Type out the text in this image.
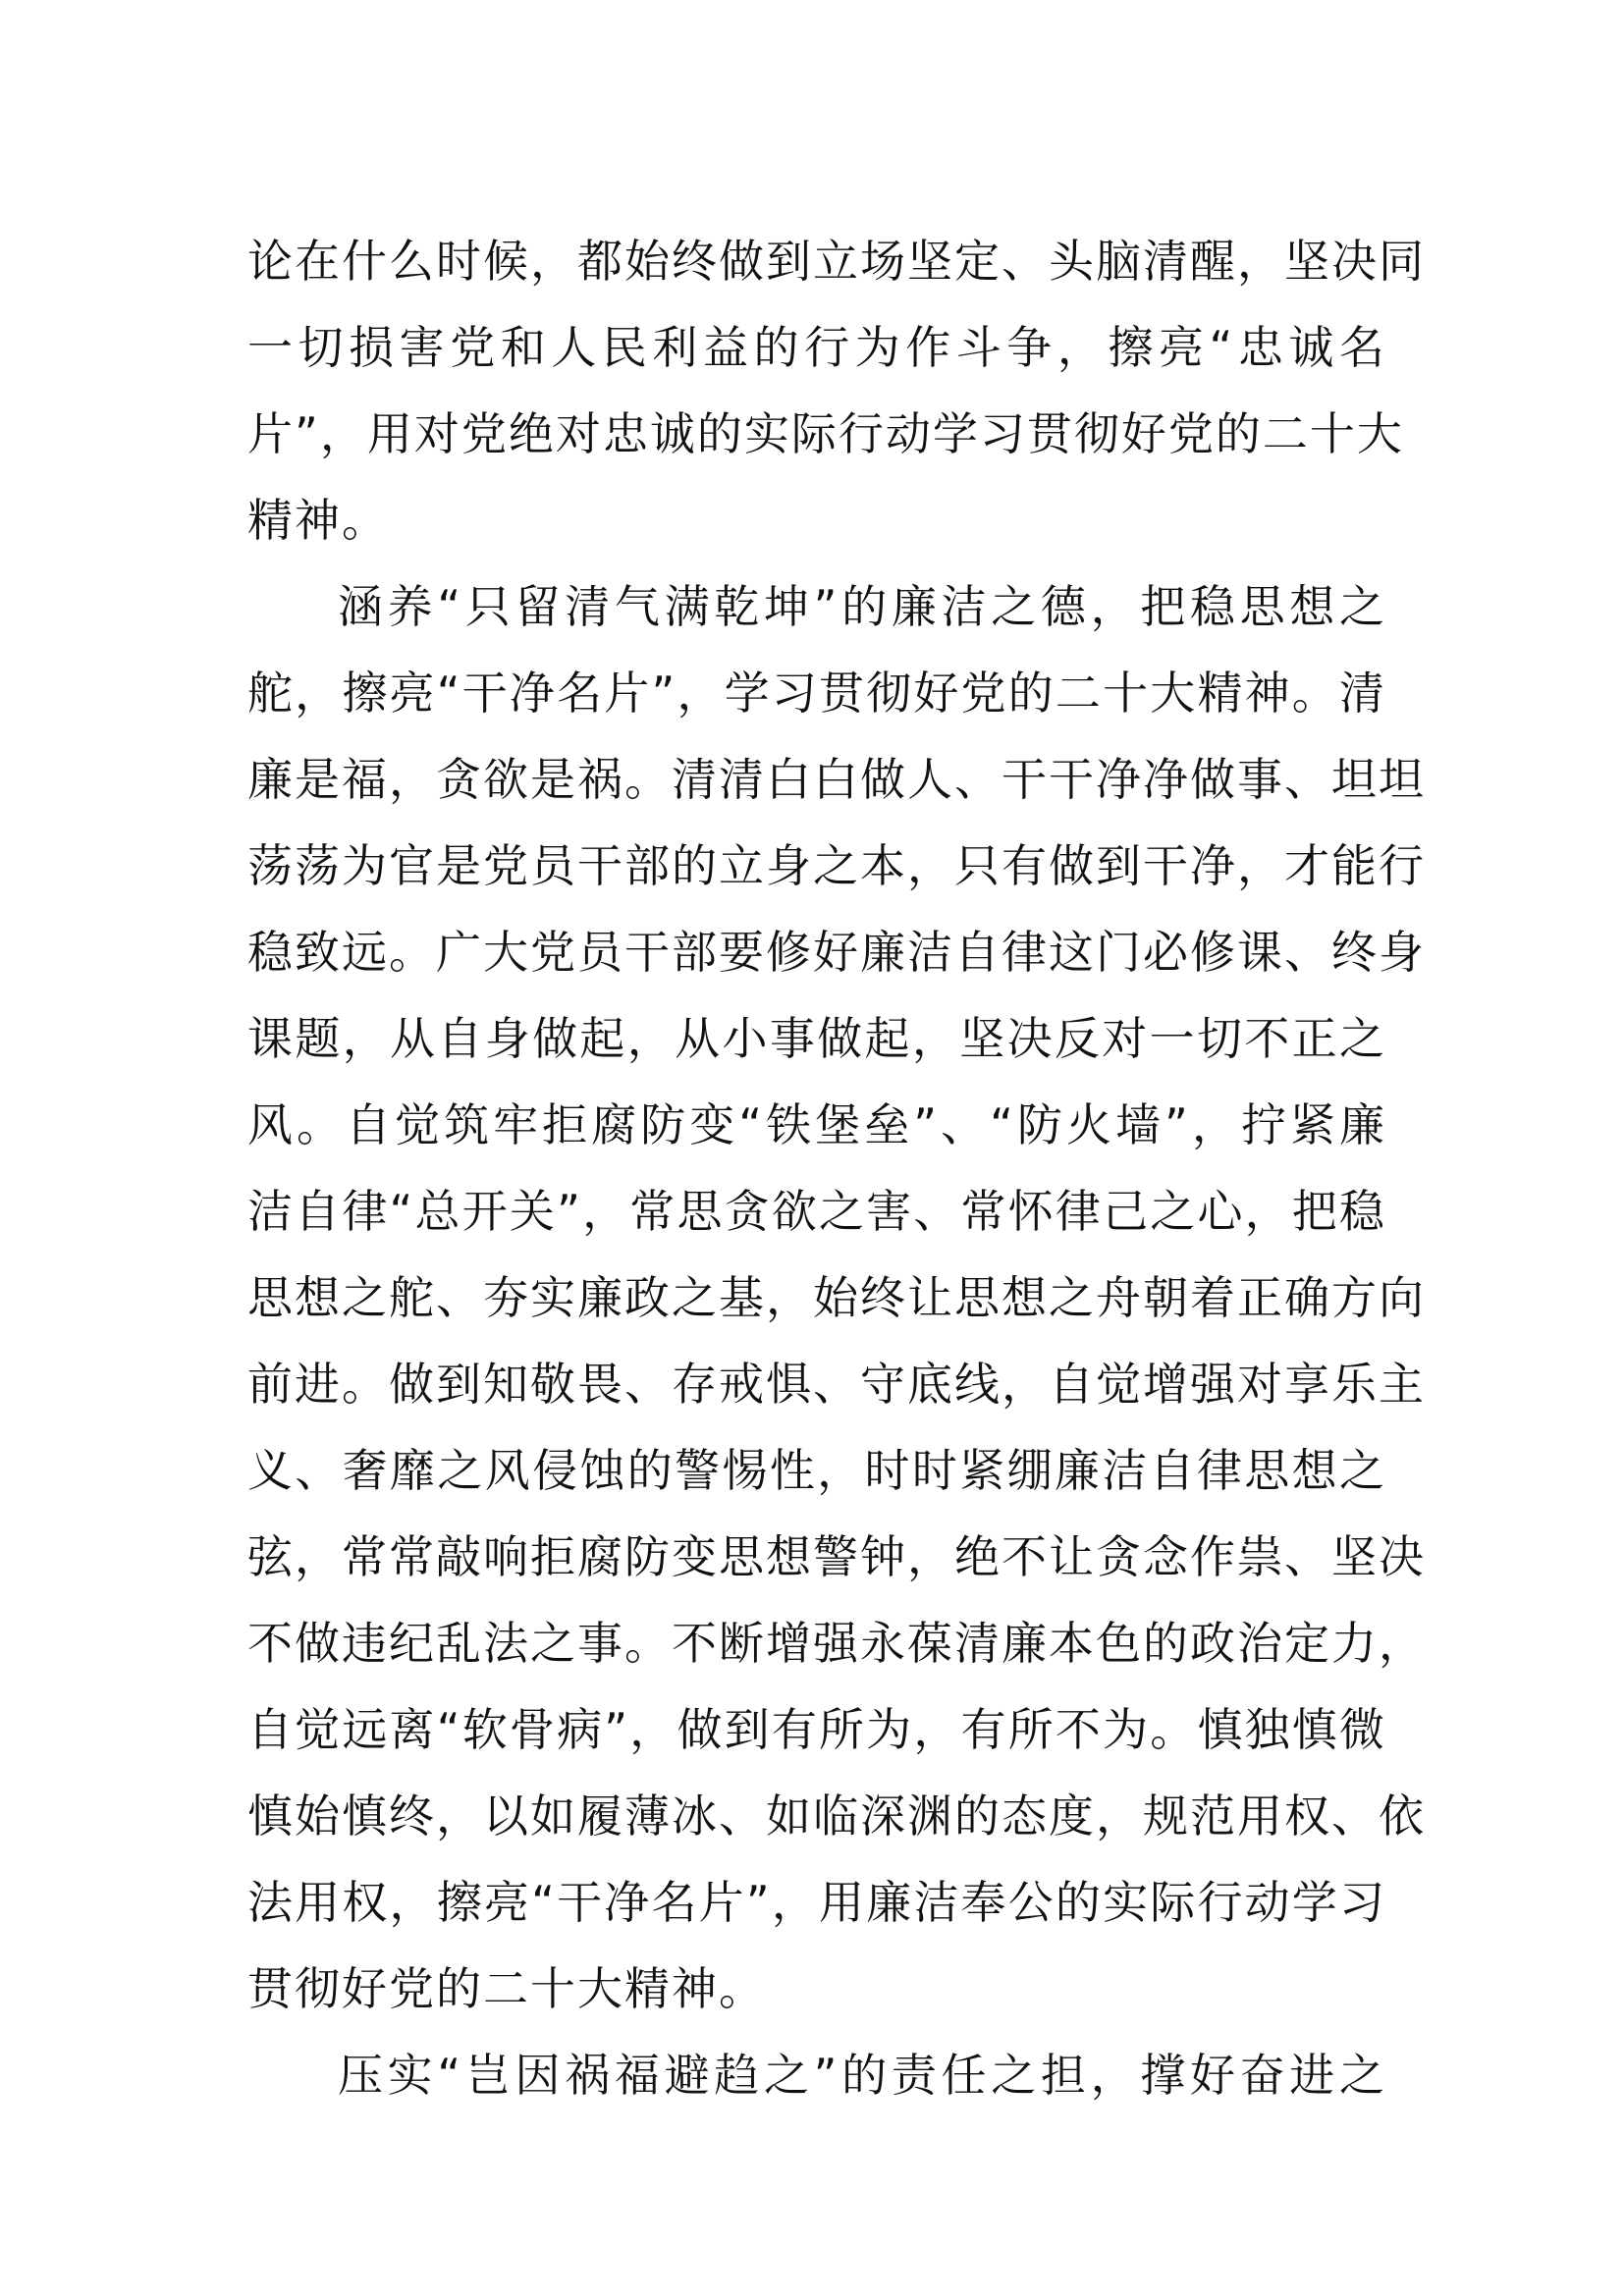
论在什么时候，都始终做到立场坚定、头脑清醒，坚决同
一切损害党和人民利益的行为作斗争，擦亮“忠诚名
片”，用对党绝对忠诚的实际行动学习贯彻好党的二十大
精神。
涵养“只留清气满乾坤”的廉洁之德，把稳思想之
舵，擦亮“干净名片”，学习贯彻好党的二十大精神。清
廉是福，贪欲是祸。清清白白做人、干干净净做事、坦坦
荡荡为官是党员干部的立身之本，只有做到干净，才能行
稳致远。广大党员干部要修好廉洁自律这门必修课、终身
课题，从自身做起，从小事做起，坚决反对一切不正之
风。自觉筑牢拒腐防变“铁堡垒”、“防火墙”，拧紧廉
洁自律“总开关”，常思贪欲之害、常怀律己之心，把稳
思想之舵、夯实廉政之基，始终让思想之舟朝着正确方向
前进。做到知敬畏、存戒惧、守底线，自觉增强对享乐主
义、奢靡之风侵蚀的警惕性，时时紧绷廉洁自律思想之
弦，常常敲响拒腐防变思想警钟，绝不让贪念作祟、坚决
不做违纪乱法之事。不断增强永葆清廉本色的政治定力，
自觉远离“软骨病”，做到有所为，有所不为。慎独慎微
慎始慎终，以如履薄冰、如临深渊的态度，规范用权、依
法用权，擦亮“干净名片”，用廉洁奉公的实际行动学习
贯彻好党的二十大精神。
压实“岂因祸福避趋之”的责任之担，撑好奋进之
